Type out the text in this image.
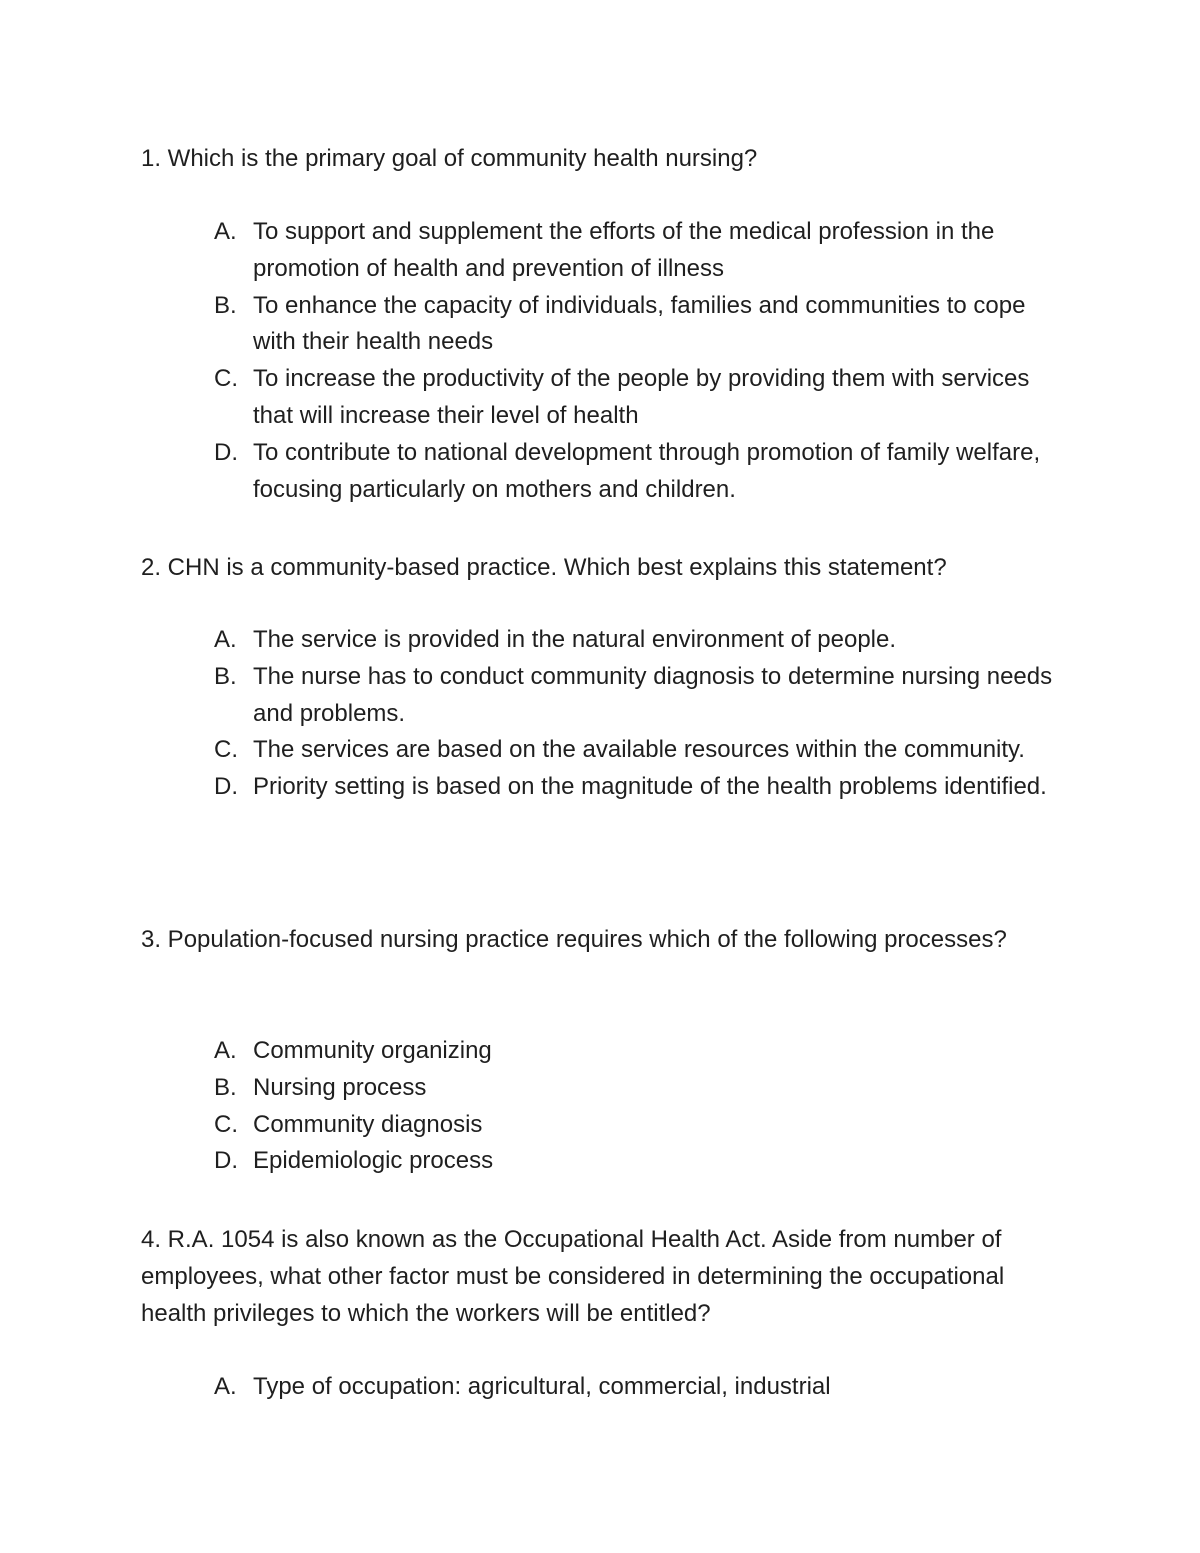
1. Which is the primary goal of community health nursing?

A. To support and supplement the efforts of the medical profession in the promotion of health and prevention of illness
B. To enhance the capacity of individuals, families and communities to cope with their health needs
C. To increase the productivity of the people by providing them with services that will increase their level of health
D. To contribute to national development through promotion of family welfare, focusing particularly on mothers and children.

2. CHN is a community-based practice. Which best explains this statement?

A. The service is provided in the natural environment of people.
B. The nurse has to conduct community diagnosis to determine nursing needs and problems.
C. The services are based on the available resources within the community.
D. Priority setting is based on the magnitude of the health problems identified.

3. Population-focused nursing practice requires which of the following processes?

A. Community organizing
B. Nursing process
C. Community diagnosis
D. Epidemiologic process

4. R.A. 1054 is also known as the Occupational Health Act. Aside from number of employees, what other factor must be considered in determining the occupational health privileges to which the workers will be entitled?

A. Type of occupation: agricultural, commercial, industrial
